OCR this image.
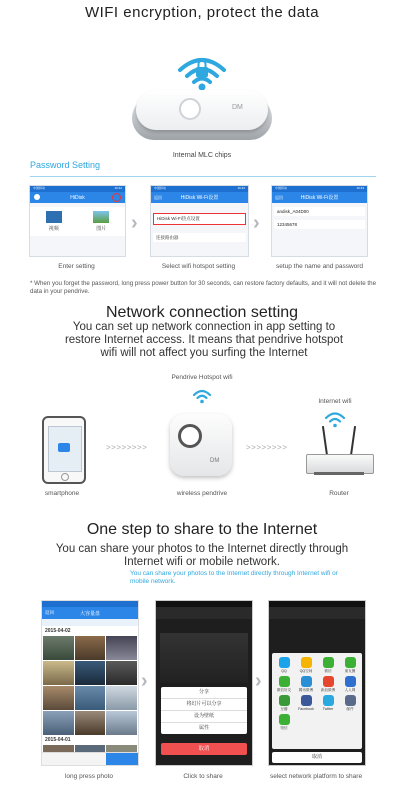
WIFI encryption, protect the data
DM
Internal MLC chips
Password Setting
中国移动	16:42
HiDisk
视频	图片	›
中国移动	16:42
返回	HiDisk Wi-Fi设置
HiDisk Wi-Fi热点设置
连接路由器
›
中国移动	16:43
返回	HiDisk Wi-Fi设置
andisk_A04D00
12345678
Enter setting	Select wifi hotspot setting	setup the name and password
* When you forget the password, long press power button for 30 seconds, can restore factory defaults, and it will not delete the data in your pendrive.
Network connection setting
You can set up network connection in app setting to restore Internet access. It means that pendrive hotspot wifi will not affect you surfing the Internet
Pendrive Hotspot wifi
Internet wifi
>>>>>>>>
DM
>>>>>>>>
smartphone	wireless pendrive	Router
One step to share to the Internet
You can share your photos to the Internet directly through Internet wifi or mobile network.
You can share your photos to the Internet directly through Internet wifi or mobile network.
返回	大容量盘
2015-04-02
2015-04-01
›	分享
将幻片可以分享
设为壁纸
属性
取消
›	QQ	QQ空间	微信	朋友圈
微信好友	腾讯微博	新浪微博	人人网
豆瓣	Facebook	Twitter	邮件
短信
取消
long press photo	Click to share	select network platform to share
